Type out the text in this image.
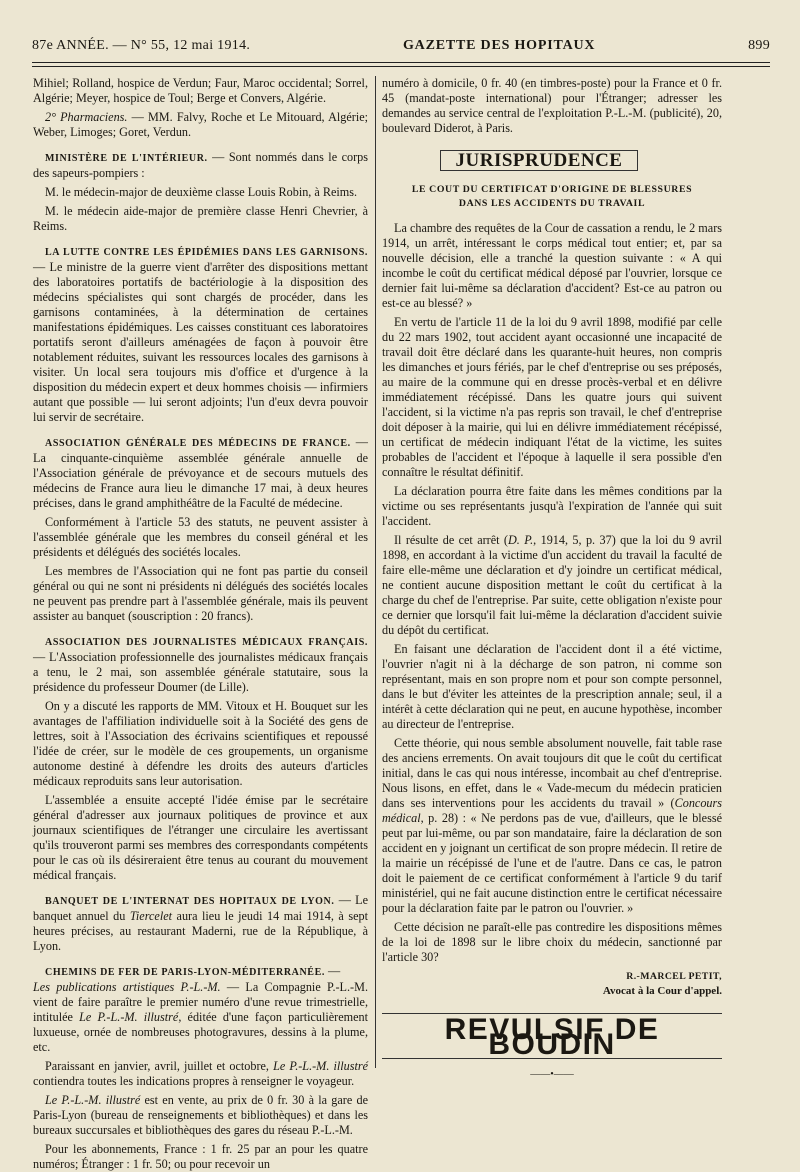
87e ANNÉE. — N° 55, 12 mai 1914.	GAZETTE DES HOPITAUX	899

Mihiel; Rolland, hospice de Verdun; Faur, Maroc occidental; Sorrel, Algérie; Meyer, hospice de Toul; Berge et Convers, Algérie.

2° Pharmaciens. — MM. Falvy, Roche et Le Mitouard, Algérie; Weber, Limoges; Goret, Verdun.

MINISTÈRE DE L'INTÉRIEUR. — Sont nommés dans le corps des sapeurs-pompiers :

M. le médecin-major de deuxième classe Louis Robin, à Reims.

M. le médecin aide-major de première classe Henri Chevrier, à Reims.

LA LUTTE CONTRE LES ÉPIDÉMIES DANS LES GARNISONS. — Le ministre de la guerre vient d'arrêter des dispositions mettant des laboratoires portatifs de bactériologie à la disposition des médecins spécialistes qui sont chargés de procéder, dans les garnisons contaminées, à la détermination de certaines manifestations épidémiques. Les caisses constituant ces laboratoires portatifs seront d'ailleurs aménagées de façon à pouvoir être notablement réduites, suivant les ressources locales des garnisons à visiter. Un local sera toujours mis d'office et d'urgence à la disposition du médecin expert et deux hommes choisis — infirmiers autant que possible — lui seront adjoints; l'un d'eux devra pouvoir lui servir de secrétaire.

ASSOCIATION GÉNÉRALE DES MÉDECINS DE FRANCE. — La cinquante-cinquième assemblée générale annuelle de l'Association générale de prévoyance et de secours mutuels des médecins de France aura lieu le dimanche 17 mai, à deux heures précises, dans le grand amphithéâtre de la Faculté de médecine.

Conformément à l'article 53 des statuts, ne peuvent assister à l'assemblée générale que les membres du conseil général et les présidents et délégués des sociétés locales.

Les membres de l'Association qui ne font pas partie du conseil général ou qui ne sont ni présidents ni délégués des sociétés locales ne peuvent pas prendre part à l'assemblée générale, mais ils peuvent assister au banquet (souscription : 20 francs).

ASSOCIATION DES JOURNALISTES MÉDICAUX FRANÇAIS. — L'Association professionnelle des journalistes médicaux français a tenu, le 2 mai, son assemblée générale statutaire, sous la présidence du professeur Doumer (de Lille).

On y a discuté les rapports de MM. Vitoux et H. Bouquet sur les avantages de l'affiliation individuelle soit à la Société des gens de lettres, soit à l'Association des écrivains scientifiques et repoussé l'idée de créer, sur le modèle de ces groupements, un organisme autonome destiné à défendre les droits des auteurs d'articles médicaux reproduits sans leur autorisation.

L'assemblée a ensuite accepté l'idée émise par le secrétaire général d'adresser aux journaux politiques de province et aux journaux scientifiques de l'étranger une circulaire les avertissant qu'ils trouveront parmi ses membres des correspondants compétents pour le cas où ils désireraient être tenus au courant du mouvement médical français.

BANQUET DE L'INTERNAT DES HOPITAUX DE LYON. — Le banquet annuel du Tiercelet aura lieu le jeudi 14 mai 1914, à sept heures précises, au restaurant Maderni, rue de la République, à Lyon.

CHEMINS DE FER DE PARIS-LYON-MÉDITERRANÉE. —
Les publications artistiques P.-L.-M. — La Compagnie P.-L.-M. vient de faire paraître le premier numéro d'une revue trimestrielle, intitulée Le P.-L.-M. illustré, éditée d'une façon particulièrement luxueuse, ornée de nombreuses photogravures, dessins à la plume, etc.

Paraissant en janvier, avril, juillet et octobre, Le P.-L.-M. illustré contiendra toutes les indications propres à renseigner le voyageur.

Le P.-L.-M. illustré est en vente, au prix de 0 fr. 30 à la gare de Paris-Lyon (bureau de renseignements et bibliothèques) et dans les bureaux succursales et bibliothèques des gares du réseau P.-L.-M.

Pour les abonnements, France : 1 fr. 25 par an pour les quatre numéros; Étranger : 1 fr. 50; ou pour recevoir un

numéro à domicile, 0 fr. 40 (en timbres-poste) pour la France et 0 fr. 45 (mandat-poste international) pour l'Étranger; adresser les demandes au service central de l'exploitation P.-L.-M. (publicité), 20, boulevard Diderot, à Paris.

JURISPRUDENCE
LE COUT DU CERTIFICAT D'ORIGINE DE BLESSURES
DANS LES ACCIDENTS DU TRAVAIL

La chambre des requêtes de la Cour de cassation a rendu, le 2 mars 1914, un arrêt, intéressant le corps médical tout entier; et, par sa nouvelle décision, elle a tranché la question suivante : « A qui incombe le coût du certificat médical déposé par l'ouvrier, lorsque ce dernier fait lui-même sa déclaration d'accident? Est-ce au patron ou est-ce au blessé? »

En vertu de l'article 11 de la loi du 9 avril 1898, modifié par celle du 22 mars 1902, tout accident ayant occasionné une incapacité de travail doit être déclaré dans les quarante-huit heures, non compris les dimanches et jours fériés, par le chef d'entreprise ou ses préposés, au maire de la commune qui en dresse procès-verbal et en délivre immédiatement récépissé. Dans les quatre jours qui suivent l'accident, si la victime n'a pas repris son travail, le chef d'entreprise doit déposer à la mairie, qui lui en délivre immédiatement récépissé, un certificat de médecin indiquant l'état de la victime, les suites probables de l'accident et l'époque à laquelle il sera possible d'en connaître le résultat définitif.

La déclaration pourra être faite dans les mêmes conditions par la victime ou ses représentants jusqu'à l'expiration de l'année qui suit l'accident.

Il résulte de cet arrêt (D. P., 1914, 5, p. 37) que la loi du 9 avril 1898, en accordant à la victime d'un accident du travail la faculté de faire elle-même une déclaration et d'y joindre un certificat médical, ne contient aucune disposition mettant le coût du certificat à la charge du chef de l'entreprise. Par suite, cette obligation n'existe pour ce dernier que lorsqu'il fait lui-même la déclaration d'accident suivie du dépôt du certificat.

En faisant une déclaration de l'accident dont il a été victime, l'ouvrier n'agit ni à la décharge de son patron, ni comme son représentant, mais en son propre nom et pour son compte personnel, dans le but d'éviter les atteintes de la prescription annale; seul, il a intérêt à cette déclaration qui ne peut, en aucune hypothèse, incomber au directeur de l'entreprise.

Cette théorie, qui nous semble absolument nouvelle, fait table rase des anciens errements. On avait toujours dit que le coût du certificat initial, dans le cas qui nous intéresse, incombait au chef d'entreprise. Nous lisons, en effet, dans le « Vade-mecum du médecin praticien dans ses interventions pour les accidents du travail » (Concours médical, p. 28) : « Ne perdons pas de vue, d'ailleurs, que le blessé peut par lui-même, ou par son mandataire, faire la déclaration de son accident en y joignant un certificat de son propre médecin. Il retire de la mairie un récépissé de l'une et de l'autre. Dans ce cas, le patron doit le paiement de ce certificat conformément à l'article 9 du tarif ministériel, qui ne fait aucune distinction entre le certificat nécessaire pour la déclaration faite par le patron ou l'ouvrier. »

Cette décision ne paraît-elle pas contredire les dispositions mêmes de la loi de 1898 sur le libre choix du médecin, sanctionné par l'article 30?

R.-MARCEL PETIT,
Avocat à la Cour d'appel.
REVULSIF DE BOUDIN
——•——
